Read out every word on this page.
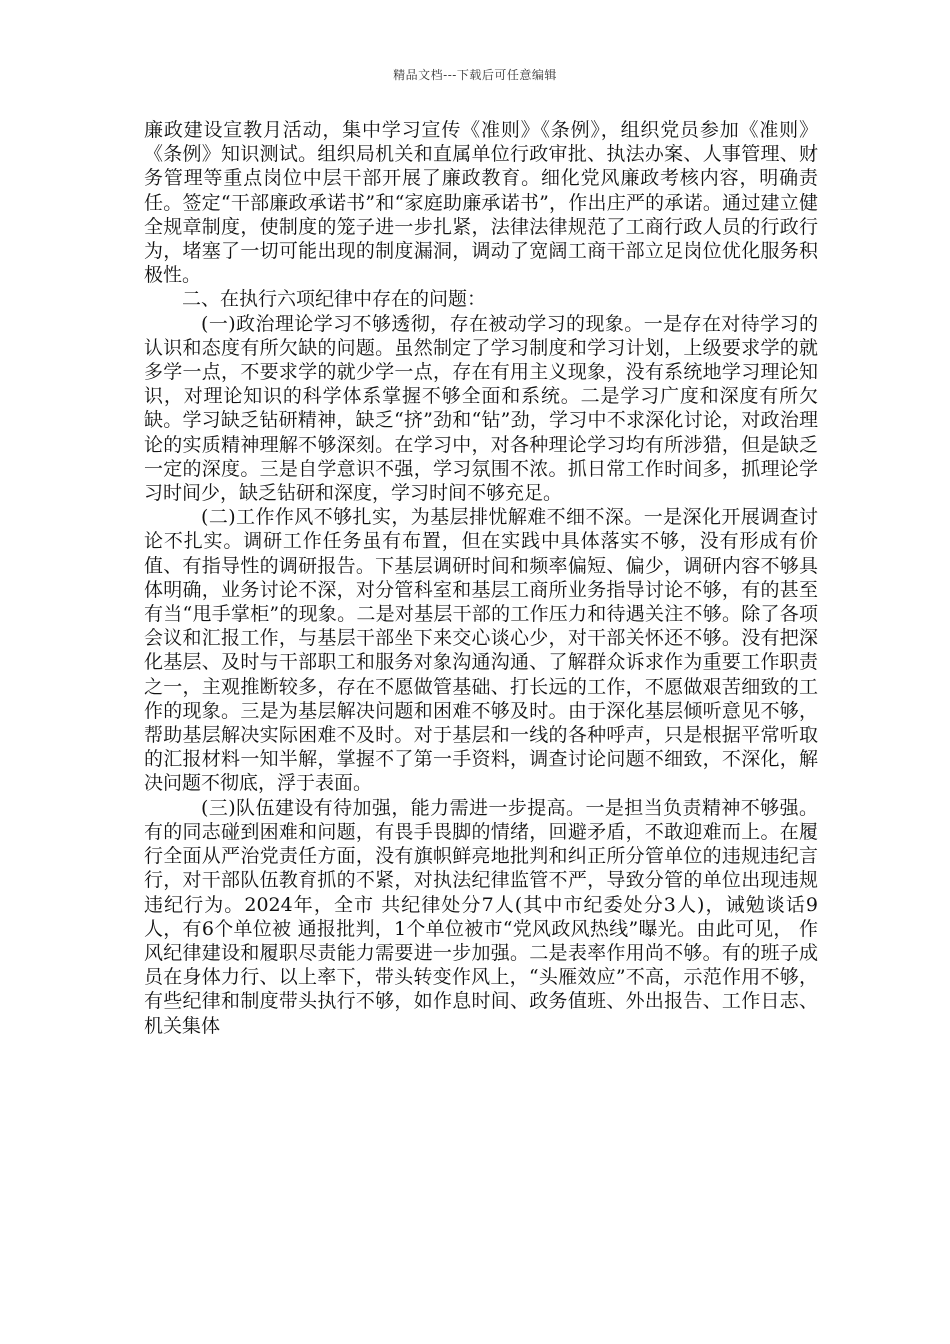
精品文档---下载后可任意编辑

廉政建设宣教月活动，集中学习宣传《准则》《条例》，组织党员参加《准则》《条例》知识测试。组织局机关和直属单位行政审批、执法办案、人事管理、财务管理等重点岗位中层干部开展了廉政教育。细化党风廉政考核内容，明确责任。签定“干部廉政承诺书”和“家庭助廉承诺书”，作出庄严的承诺。通过建立健全规章制度，使制度的笼子进一步扎紧，法律法律规范了工商行政人员的行政行为，堵塞了一切可能出现的制度漏洞，调动了宽阔工商干部立足岗位优化服务积极性。

二、在执行六项纪律中存在的问题：

(一)政治理论学习不够透彻，存在被动学习的现象。一是存在对待学习的认识和态度有所欠缺的问题。虽然制定了学习制度和学习计划，上级要求学的就多学一点，不要求学的就少学一点，存在有用主义现象，没有系统地学习理论知识，对理论知识的科学体系掌握不够全面和系统。二是学习广度和深度有所欠缺。学习缺乏钻研精神，缺乏“挤”劲和“钻”劲，学习中不求深化讨论，对政治理论的实质精神理解不够深刻。在学习中，对各种理论学习均有所涉猎，但是缺乏一定的深度。三是自学意识不强，学习氛围不浓。抓日常工作时间多，抓理论学习时间少，缺乏钻研和深度，学习时间不够充足。

(二)工作作风不够扎实，为基层排忧解难不细不深。一是深化开展调查讨论不扎实。调研工作任务虽有布置，但在实践中具体落实不够，没有形成有价值、有指导性的调研报告。下基层调研时间和频率偏短、偏少，调研内容不够具体明确，业务讨论不深，对分管科室和基层工商所业务指导讨论不够，有的甚至有当“甩手掌柜”的现象。二是对基层干部的工作压力和待遇关注不够。除了各项会议和汇报工作，与基层干部坐下来交心谈心少，对干部关怀还不够。没有把深化基层、及时与干部职工和服务对象沟通沟通、了解群众诉求作为重要工作职责之一，主观推断较多，存在不愿做管基础、打长远的工作，不愿做艰苦细致的工作的现象。三是为基层解决问题和困难不够及时。由于深化基层倾听意见不够，帮助基层解决实际困难不及时。对于基层和一线的各种呼声，只是根据平常听取的汇报材料一知半解，掌握不了第一手资料，调查讨论问题不细致，不深化，解决问题不彻底，浮于表面。

(三)队伍建设有待加强，能力需进一步提高。一是担当负责精神不够强。有的同志碰到困难和问题，有畏手畏脚的情绪，回避矛盾，不敢迎难而上。在履行全面从严治党责任方面，没有旗帜鲜亮地批判和纠正所分管单位的违规违纪言行，对干部队伍教育抓的不紧，对执法纪律监管不严，导致分管的单位出现违规违纪行为。2024年，全市 共纪律处分7人(其中市纪委处分3人)，诫勉谈话9人，有6个单位被 通报批判，1个单位被市“党风政风热线”曝光。由此可见， 作风纪律建设和履职尽责能力需要进一步加强。二是表率作用尚不够。有的班子成员在身体力行、以上率下，带头转变作风上，“头雁效应”不高，示范作用不够，有些纪律和制度带头执行不够，如作息时间、政务值班、外出报告、工作日志、机关集体
